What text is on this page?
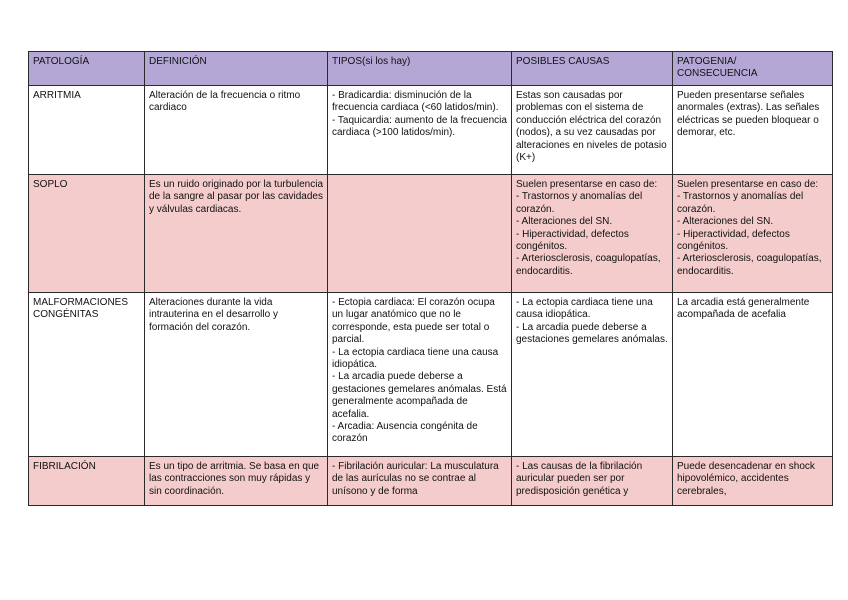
PATOLOGÍA	DEFINICIÓN	TIPOS(si los hay)	POSIBLES CAUSAS	PATOGENIA/
CONSECUENCIA
ARRITMIA	Alteración de la frecuencia o ritmo cardiaco	- Bradicardia: disminución de la frecuencia cardiaca (<60 latidos/min).
- Taquicardia: aumento de la frecuencia cardiaca (>100 latidos/min).	Estas son causadas por problemas con el sistema de conducción eléctrica del corazón (nodos), a su vez causadas por alteraciones en niveles de potasio (K+)	Pueden presentarse señales anormales (extras). Las señales eléctricas se pueden bloquear o demorar, etc.
SOPLO	Es un ruido originado por la turbulencia de la sangre al pasar por las cavidades y válvulas cardiacas.		Suelen presentarse en caso de:
- Trastornos y anomalías del corazón.
- Alteraciones del SN.
- Hiperactividad, defectos congénitos.
- Arteriosclerosis, coagulopatías, endocarditis.	Suelen presentarse en caso de:
- Trastornos y anomalías del corazón.
- Alteraciones del SN.
- Hiperactividad, defectos congénitos.
- Arteriosclerosis, coagulopatías, endocarditis.
MALFORMACIONES CONGÉNITAS	Alteraciones durante la vida intrauterina en el desarrollo y formación del corazón.	- Ectopia cardiaca: El corazón ocupa un lugar anatómico que no le corresponde, esta puede ser total o parcial.
- La ectopia cardiaca tiene una causa idiopática.
- La arcadia puede deberse a gestaciones gemelares anómalas. Está generalmente acompañada de acefalia.
- Arcadia: Ausencia congénita de corazón	- La ectopia cardiaca tiene una causa idiopática.
- La arcadia puede deberse a gestaciones gemelares anómalas.	La arcadia está generalmente acompañada de acefalia
FIBRILACIÓN	Es un tipo de arritmia. Se basa en que las contracciones son muy rápidas y sin coordinación.	- Fibrilación auricular: La musculatura de las aurículas no se contrae al unísono y de forma	- Las causas de la fibrilación auricular pueden ser por predisposición genética y	Puede desencadenar en shock hipovolémico, accidentes cerebrales,
